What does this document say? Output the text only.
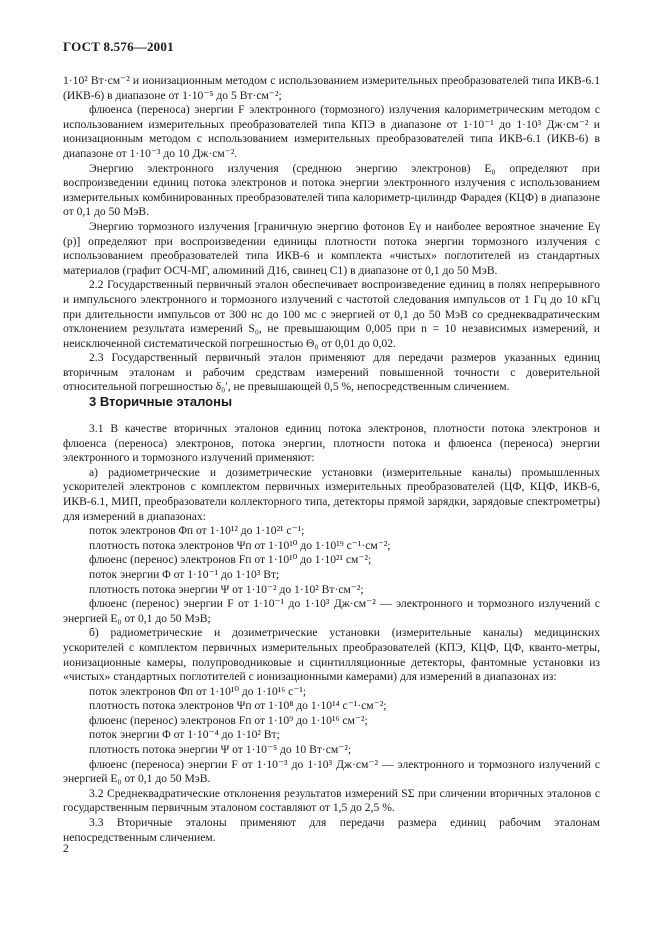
ГОСТ 8.576—2001

1·10² Вт·см⁻² и ионизационным методом с использованием измерительных преобразователей типа ИКВ-6.1 (ИКВ-6) в диапазоне от 1·10⁻⁵ до 5 Вт·см⁻²;

флюенса (переноса) энергии F электронного (тормозного) излучения калориметрическим методом с использованием измерительных преобразователей типа КПЭ в диапазоне от 1·10⁻¹ до 1·10³ Дж·см⁻² и ионизационным методом с использованием измерительных преобразователей типа ИКВ-6.1 (ИКВ-6) в диапазоне от 1·10⁻³ до 10 Дж·см⁻².

Энергию электронного излучения (среднюю энергию электронов) E₀ определяют при воспроизведении единиц потока электронов и потока энергии электронного излучения с использованием измерительных комбинированных преобразователей типа калориметр-цилиндр Фарадея (КЦФ) в диапазоне от 0,1 до 50 МэВ.

Энергию тормозного излучения [граничную энергию фотонов Eγ и наиболее вероятное значение Eγ (p)] определяют при воспроизведении единицы плотности потока энергии тормозного излучения с использованием преобразователей типа ИКВ-6 и комплекта «чистых» поглотителей из стандартных материалов (графит ОСЧ-МГ, алюминий Д16, свинец С1) в диапазоне от 0,1 до 50 МэВ.

2.2 Государственный первичный эталон обеспечивает воспроизведение единиц в полях непрерывного и импульсного электронного и тормозного излучений с частотой следования импульсов от 1 Гц до 10 кГц при длительности импульсов от 300 нс до 100 мс с энергией от 0,1 до 50 МэВ со среднеквадратическим отклонением результата измерений S₀, не превышающим 0,005 при n = 10 независимых измерений, и неисключенной систематической погрешностью Θ₀ от 0,01 до 0,02.

2.3 Государственный первичный эталон применяют для передачи размеров указанных единиц вторичным эталонам и рабочим средствам измерений повышенной точности с доверительной относительной погрешностью δ₀′, не превышающей 0,5 %, непосредственным сличением.

3 Вторичные эталоны

3.1 В качестве вторичных эталонов единиц потока электронов, плотности потока электронов и флюенса (переноса) электронов, потока энергии, плотности потока и флюенса (переноса) энергии электронного и тормозного излучений применяют:

а) радиометрические и дозиметрические установки (измерительные каналы) промышленных ускорителей электронов с комплектом первичных измерительных преобразователей (ЦФ, КЦФ, ИКВ-6, ИКВ-6.1, МИП, преобразователи коллекторного типа, детекторы прямой зарядки, зарядовые спектрометры) для измерений в диапазонах:

поток электронов Φп от 1·10¹² до 1·10²¹ с⁻¹;

плотность потока электронов Ψп от 1·10¹⁰ до 1·10¹⁹ с⁻¹·см⁻²;

флюенс (перенос) электронов Fп от 1·10¹⁰ до 1·10²¹ см⁻²;

поток энергии Φ от 1·10⁻¹ до 1·10³ Вт;

плотность потока энергии Ψ от 1·10⁻² до 1·10² Вт·см⁻²;

флюенс (перенос) энергии F от 1·10⁻¹ до 1·10³ Дж·см⁻² — электронного и тормозного излучений с энергией E₀ от 0,1 до 50 МэВ;

б) радиометрические и дозиметрические установки (измерительные каналы) медицинских ускорителей с комплектом первичных измерительных преобразователей (КПЭ, КЦФ, ЦФ, кванто-метры, ионизационные камеры, полупроводниковые и сцинтилляционные детекторы, фантомные установки из «чистых» стандартных поглотителей с ионизационными камерами) для измерений в диапазонах из:

поток электронов Φп от 1·10¹⁰ до 1·10¹⁶ с⁻¹;

плотность потока электронов Ψп от 1·10⁸ до 1·10¹⁴ с⁻¹·см⁻²;

флюенс (перенос) электронов Fп от 1·10⁹ до 1·10¹⁶ см⁻²;

поток энергии Φ от 1·10⁻⁴ до 1·10² Вт;

плотность потока энергии Ψ от 1·10⁻⁵ до 10 Вт·см⁻²;

флюенс (переноса) энергии F от 1·10⁻³ до 1·10³ Дж·см⁻² — электронного и тормозного излучений с энергией E₀ от 0,1 до 50 МэВ.

3.2 Среднеквадратические отклонения результатов измерений SΣ при сличении вторичных эталонов с государственным первичным эталоном составляют от 1,5 до 2,5 %.

3.3 Вторичные эталоны применяют для передачи размера единиц рабочим эталонам непосредственным сличением.

2
